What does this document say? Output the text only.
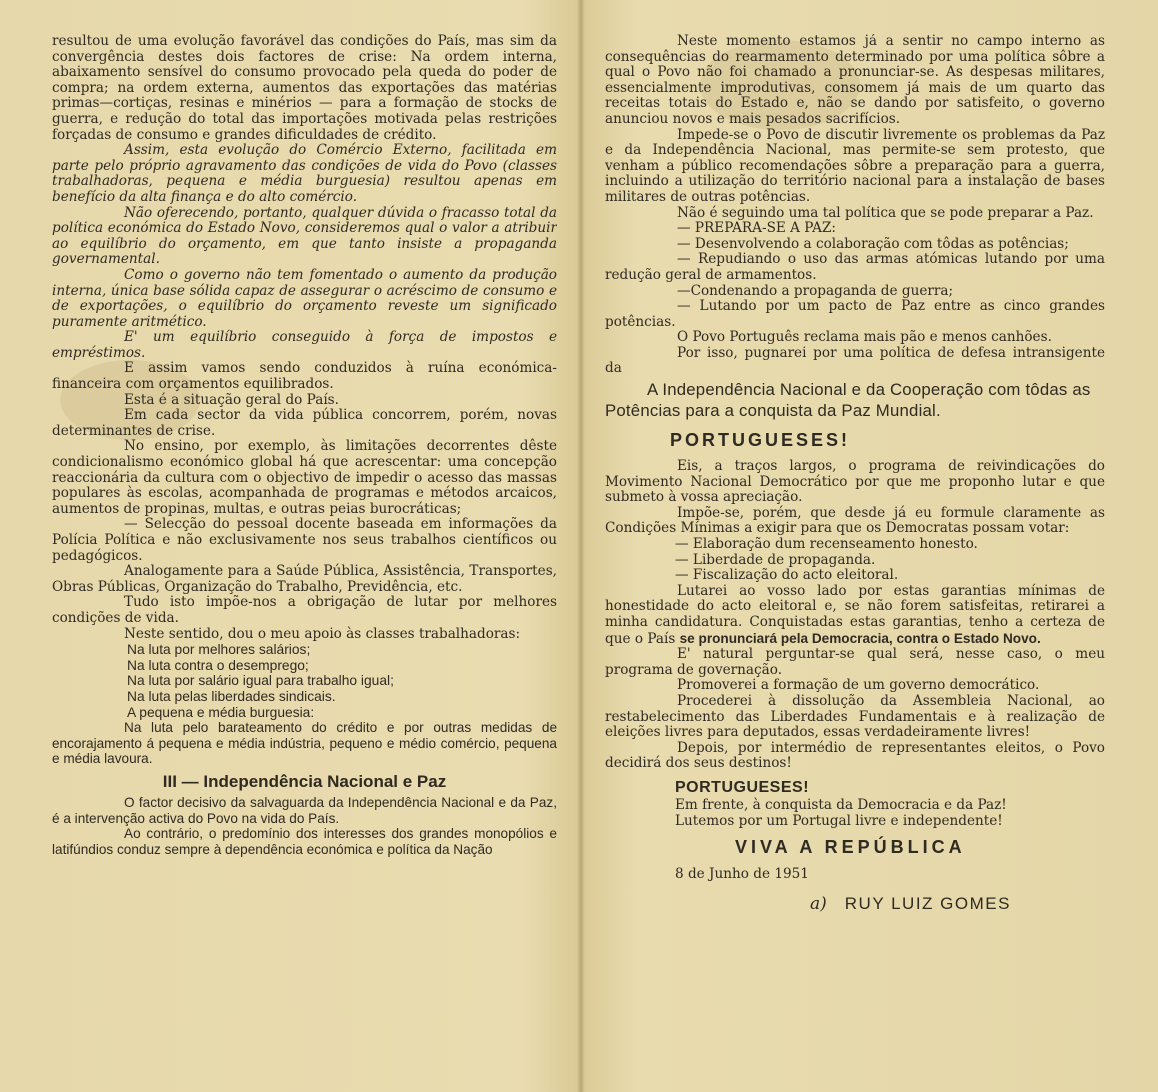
resultou de uma evolução favorável das condições do País, mas sim da convergência destes dois factores de crise: Na ordem interna, abaixamento sensível do consumo provocado pela queda do poder de compra; na ordem externa, aumentos das exportações das matérias primas—cortiças, resinas e minérios — para a formação de stocks de guerra, e redução do total das importações motivada pelas restrições forçadas de consumo e grandes dificuldades de crédito.

Assim, esta evolução do Comércio Externo, facilitada em parte pelo próprio agravamento das condições de vida do Povo (classes trabalhadoras, pequena e média burguesia) resultou apenas em benefício da alta finança e do alto comércio.

Não oferecendo, portanto, qualquer dúvida o fracasso total da política económica do Estado Novo, consideremos qual o valor a atribuir ao equilíbrio do orçamento, em que tanto insiste a propaganda governamental.

Como o governo não tem fomentado o aumento da produção interna, única base sólida capaz de assegurar o acréscimo de consumo e de exportações, o equilíbrio do orçamento reveste um significado puramente aritmético.

E' um equilíbrio conseguido à força de impostos e empréstimos.

E assim vamos sendo conduzidos à ruína económica-financeira com orçamentos equilibrados.

Esta é a situação geral do País.

Em cada sector da vida pública concorrem, porém, novas determinantes de crise.

No ensino, por exemplo, às limitações decorrentes dêste condicionalismo económico global há que acrescentar: uma concepção reaccionária da cultura com o objectivo de impedir o acesso das massas populares às escolas, acompanhada de programas e métodos arcaicos, aumentos de propinas, multas, e outras peias burocráticas;

— Selecção do pessoal docente baseada em informações da Polícia Política e não exclusivamente nos seus trabalhos científicos ou pedagógicos.

Analogamente para a Saúde Pública, Assistência, Transportes, Obras Públicas, Organização do Trabalho, Previdência, etc.

Tudo isto impõe-nos a obrigação de lutar por melhores condições de vida.

Neste sentido, dou o meu apoio às classes trabalhadoras:

Na luta por melhores salários;

Na luta contra o desemprego;

Na luta por salário igual para trabalho igual;

Na luta pelas liberdades sindicais.

A pequena e média burguesia:

Na luta pelo barateamento do crédito e por outras medidas de encorajamento á pequena e média indústria, pequeno e médio comércio, pequena e média lavoura.

III — Independência Nacional e Paz

O factor decisivo da salvaguarda da Independência Nacional e da Paz, é a intervenção activa do Povo na vida do País.

Ao contrário, o predomínio dos interesses dos grandes monopólios e latifúndios conduz sempre à dependência económica e política da Nação

Neste momento estamos já a sentir no campo interno as consequências do rearmamento determinado por uma política sôbre a qual o Povo não foi chamado a pronunciar-se. As despesas militares, essencialmente improdutivas, consomem já mais de um quarto das receitas totais do Estado e, não se dando por satisfeito, o governo anunciou novos e mais pesados sacrifícios.

Impede-se o Povo de discutir livremente os problemas da Paz e da Independência Nacional, mas permite-se sem protesto, que venham a público recomendações sôbre a preparação para a guerra, incluindo a utilização do território nacional para a instalação de bases militares de outras potências.

Não é seguindo uma tal política que se pode preparar a Paz.

— PREPARA-SE A PAZ:

— Desenvolvendo a colaboração com tôdas as potências;

— Repudiando o uso das armas atómicas lutando por uma redução geral de armamentos.

—Condenando a propaganda de guerra;

— Lutando por um pacto de Paz entre as cinco grandes potências.

O Povo Português reclama mais pão e menos canhões.

Por isso, pugnarei por uma política de defesa intransigente da

A Independência Nacional e da Cooperação com tôdas as Potências para a conquista da Paz Mundial.

PORTUGUESES!

Eis, a traços largos, o programa de reivindicações do Movimento Nacional Democrático por que me proponho lutar e que submeto à vossa apreciação.

Impõe-se, porém, que desde já eu formule claramente as Condições Mínimas a exigir para que os Democratas possam votar:

— Elaboração dum recenseamento honesto.

— Liberdade de propaganda.

— Fiscalização do acto eleitoral.

Lutarei ao vosso lado por estas garantias mínimas de honestidade do acto eleitoral e, se não forem satisfeitas, retirarei a minha candidatura. Conquistadas estas garantias, tenho a certeza de que o País se pronunciará pela Democracia, contra o Estado Novo.

E' natural perguntar-se qual será, nesse caso, o meu programa de governação.

Promoverei a formação de um governo democrático.

Procederei à dissolução da Assembleia Nacional, ao restabelecimento das Liberdades Fundamentais e à realização de eleições livres para deputados, essas verdadeiramente livres!

Depois, por intermédio de representantes eleitos, o Povo decidirá dos seus destinos!

PORTUGUESES!

Em frente, à conquista da Democracia e da Paz!

Lutemos por um Portugal livre e independente!

VIVA A REPÚBLICA

8 de Junho de 1951

a) RUY LUIZ GOMES
